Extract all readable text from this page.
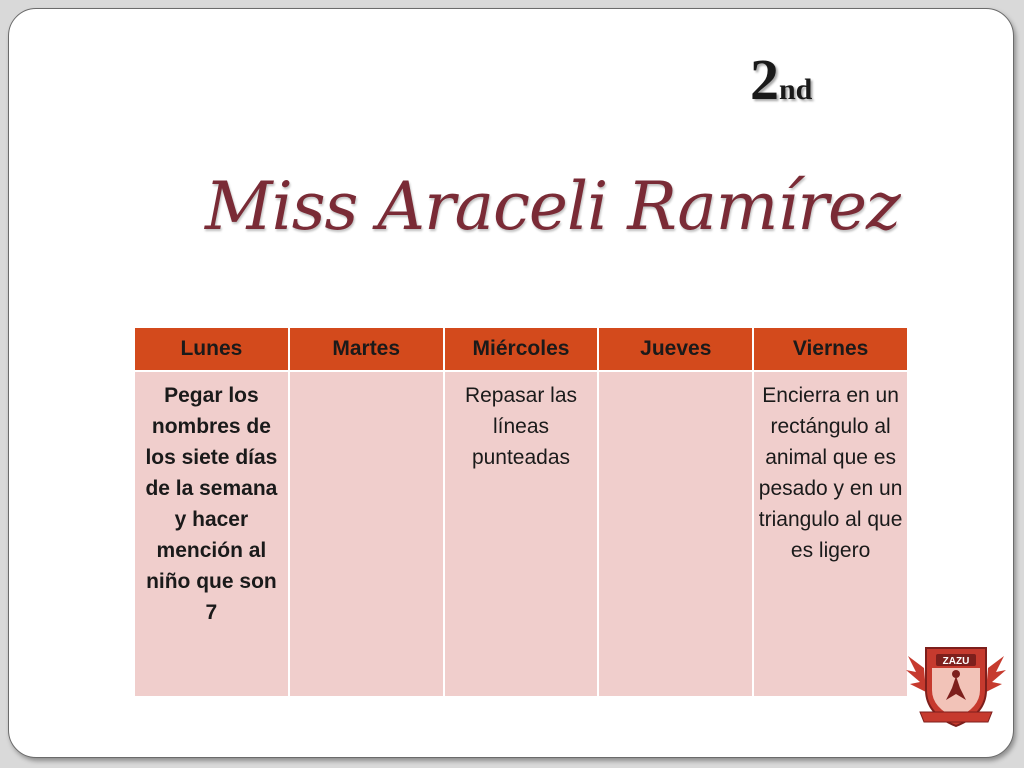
2nd
Miss Araceli Ramírez
Lunes	Martes	Miércoles	Jueves	Viernes
Pegar los nombres de los siete días de la semana y hacer mención al niño que son 7		Repasar las líneas punteadas		Encierra en un rectángulo al animal que es pesado y en un triangulo al que es ligero
ZAZU
